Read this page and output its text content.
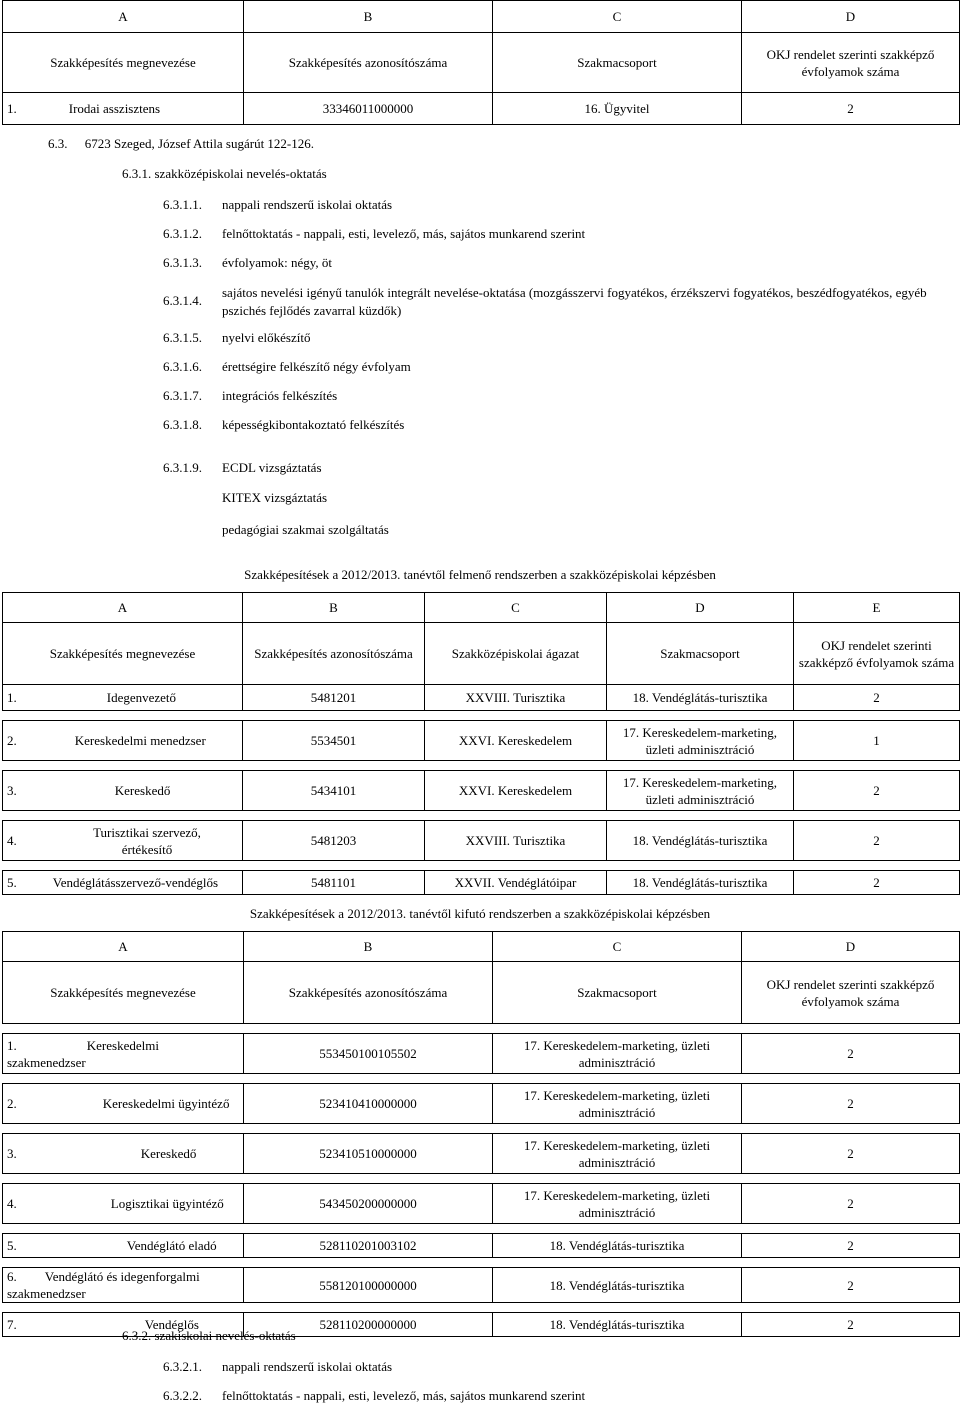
A	B	C	D
Szakképesítés megnevezése	Szakképesítés azonosítószáma	Szakmacsoport	OKJ rendelet szerinti szakképző évfolyamok száma
1. Irodai asszisztens	33346011000000	16. Ügyvitel	2
6.3. 6723 Szeged, József Attila sugárút 122-126.
6.3.1. szakközépiskolai nevelés-oktatás
6.3.1.1. nappali rendszerű iskolai oktatás
6.3.1.2. felnőttoktatás - nappali, esti, levelező, más, sajátos munkarend szerint
6.3.1.3. évfolyamok: négy, öt
6.3.1.4.
sajátos nevelési igényű tanulók integrált nevelése-oktatása (mozgásszervi fogyatékos, érzékszervi fogyatékos, beszédfogyatékos, egyéb pszichés fejlődés zavarral küzdők)
6.3.1.5. nyelvi előkészítő
6.3.1.6. érettségire felkészítő négy évfolyam
6.3.1.7. integrációs felkészítés
6.3.1.8. képességkibontakoztató felkészítés
6.3.1.9. ECDL vizsgáztatás
KITEX vizsgáztatás
pedagógiai szakmai szolgáltatás
Szakképesítések a 2012/2013. tanévtől felmenő rendszerben a szakközépiskolai képzésben
A	B	C	D	E
Szakképesítés megnevezése	Szakképesítés azonosítószáma	Szakközépiskolai ágazat	Szakmacsoport	OKJ rendelet szerinti szakképző évfolyamok száma
1. Idegenvezető	5481201	XXVIII. Turisztika	18. Vendéglátás-turisztika	2

2. Kereskedelmi menedzser	5534501	XXVI. Kereskedelem	17. Kereskedelem-marketing, üzleti adminisztráció	1

3. Kereskedő	5434101	XXVI. Kereskedelem	17. Kereskedelem-marketing, üzleti adminisztráció	2

4.Turisztikai szervező, értékesítő	5481203	XXVIII. Turisztika	18. Vendéglátás-turisztika	2

5. Vendéglátásszervező-vendéglős	5481101	XXVII. Vendéglátóipar	18. Vendéglátás-turisztika	2
Szakképesítések a 2012/2013. tanévtől kifutó rendszerben a szakközépiskolai képzésben
A	B	C	D
Szakképesítés megnevezése	Szakképesítés azonosítószáma	Szakmacsoport	OKJ rendelet szerinti szakképző évfolyamok száma

1. Kereskedelmi szakmenedzser	553450100105502	17. Kereskedelem-marketing, üzleti adminisztráció	2

2. Kereskedelmi ügyintéző	523410410000000	17. Kereskedelem-marketing, üzleti adminisztráció	2

3. Kereskedő	523410510000000	17. Kereskedelem-marketing, üzleti adminisztráció	2

4. Logisztikai ügyintéző	543450200000000	17. Kereskedelem-marketing, üzleti adminisztráció	2

5. Vendéglátó eladó	528110201003102	18. Vendéglátás-turisztika	2

6. Vendéglátó és idegenforgalmi szakmenedzser	558120100000000	18. Vendéglátás-turisztika	2

7. Vendéglős	528110200000000	18. Vendéglátás-turisztika	2
6.3.2. szakiskolai nevelés-oktatás
6.3.2.1. nappali rendszerű iskolai oktatás
6.3.2.2. felnőttoktatás - nappali, esti, levelező, más, sajátos munkarend szerint
